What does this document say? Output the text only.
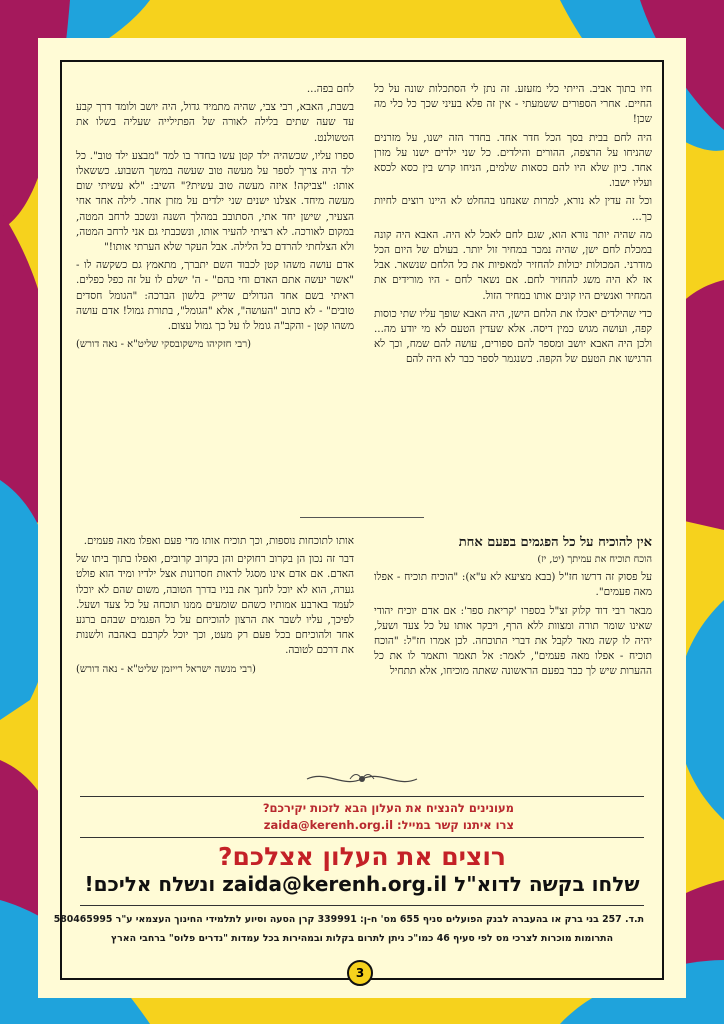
חיו בתוך אביב. הייתי כלי מזעזע. זה נתן לי הסתכלות שונה על כל החיים. אחרי הספורים ששמעתי - אין זה פלא בעיני שכך כל כלי מה שכן!

היה לחם בבית בסך הכל חדר אחד. בחדר הזה ישנו, על מזרנים שהניחו על הרצפה, ההורים והילדים. כל שני ילדים ישנו על מזרן אחד. כיון שלא היו להם כסאות שלמים, הניחו קרש בין כסא לכסא ועליו ישבו.

וכל זה עדין לא נורא, למרות שאנחנו בהחלט לא היינו רוצים לחיות כך...

מה שהיה יותר נורא הוא, שגם לחם לאכל לא היה. האבא היה קונה במכלת לחם ישן, שהיה נמכר במחיר זול יותר. בעולם של היום הכל מודרני. המכולות יכולות להחזיר למאפיות את כל הלחם שנשאר. אבל אז לא היה משג להחזיר לחם. אם נשאר לחם - היו מורידים את המחיר ואנשים היו קונים אותו במחיר הזול.

כדי שהילדים יאכלו את הלחם הישן, היה האבא שופך עליו שתי כוסות קפה, ועושה מגוש כמין דיסה. אלא שעדין הטעם לא מי יודע מה... ולכן היה האבא יושב ומספר להם ספורים, עושה להם שמח, וכך לא הרגישו את הטעם של הקפה. כשנגמר לספר כבר לא היה להם

לחם בפה...

בשבת, האבא, רבי צבי, שהיה מתמיד גדול, היה יושב ולומד דרך קבע עד שעה שתים בלילה לאורה של הפתילייה שעליה בשלו את הטשולנט.

ספרו עליו, שכשהיה ילד קטן עשו בחדר בו למד "מבצע ילד טוב". כל ילד היה צריך לספר על מעשה טוב שעשה במשך השבוע. כששאלו אותו: "צביקה! איזה מעשה טוב עשית?" השיב: "לא עשיתי שום מעשה מיחד. אצלנו ישנים שני ילדים על מזרן אחד. לילה אחד אחי הצעיר, שישן יחד אתי, הסתובב במהלך השנה ונשכב לרחב המטה, במקום לאורכה. לא רציתי להעיר אותו, ונשכבתי גם אני לרחב המטה, ולא הצלחתי להרדם כל הלילה. אבל העקר שלא הערתי אותו!"

אדם עושה משהו קטן לכבוד השם יתברך, מתאמץ גם כשקשה לו - "אשר יעשה אתם האדם וחי בהם" - ה' ישלם לו על זה כפל כפלים. ראיתי בשם אחד הגדולים שדייק בלשון הברכה: "הגומל חסדים טובים" - לא כתוב "העושה", אלא "הגומל", בתורת גמול! אדם עושה משהו קטן - והקב"ה גומל לו על כך גמול עצום.

(רבי חזקיהו מישקובסקי שליט"א - נאה דורש)

אין להוכיח על כל הפגמים בפעם אחת

הוכח תוכיח את עמיתך (יט, יז)

על פסוק זה דרשו חז"ל (בבא מציעא לא ע"א): "הוכיח תוכיח - אפלו מאה פעמים".

מבאר רבי דוד קלוק זצ"ל בספרו 'קריאת ספר': אם אדם יוכיח יהודי שאינו שומר תורה ומצוות ללא הרף, ויבקר אותו על כל צעד ושעל, יהיה לו קשה מאד לקבל את דברי התוכחה. לכן אמרו חז"ל: "הוכח תוכיח - אפלו מאה פעמים", לאמר: אל תאמר ותאמר לו את כל ההערות שיש לך כבר בפעם הראשונה שאתה מוכיחו, אלא תתחיל

אותו לתוכחות נוספות, וכך תוכיח אותו מדי פעם ואפלו מאה פעמים.

דבר זה נכון הן בקרוב רחוקים והן בקרוב קרובים, ואפלו בתוך ביתו של האדם. אם אדם אינו מסגל לראות חסרונות אצל ילדיו ומיד הוא פולט גערה, הוא לא יוכל לחנך את בניו בדרך הטובה, משום שהם לא יוכלו לעמד בארבע אמותיו כשהם שומעים ממנו תוכחה על כל צעד ושעל. לפיכך, עליו לשבר את הרצון להוכיחם על כל הפגמים שבהם ברגע אחד ולהוכיחם בכל פעם רק מעט, וכך יוכל לקרבם באהבה ולשנות את דרכם לטובה.

(רבי מנשה ישראל רייזמן שליט"א - נאה דורש)

מעונינים להנציח את העלון הבא לזכות יקירכם?
צרו איתנו קשר במייל: zaida@kerenh.org.il
רוצים את העלון אצלכם?
שלחו בקשה לדוא"ל zaida@kerenh.org.il ונשלח אליכם!
ת.ד. 257 בני ברק או בהעברה לבנק הפועלים סניף 655 מס' ח-ן: 339991 קרן הסעה וסיוע לתלמידי החינוך העצמאי ע"ר 580465995
התרומות מוכרות לצרכי מס לפי סעיף 46 כמו"כ ניתן לתרום בקלות ובמהירות בכל עמדות "נדרים פלוס" ברחבי הארץ
3
